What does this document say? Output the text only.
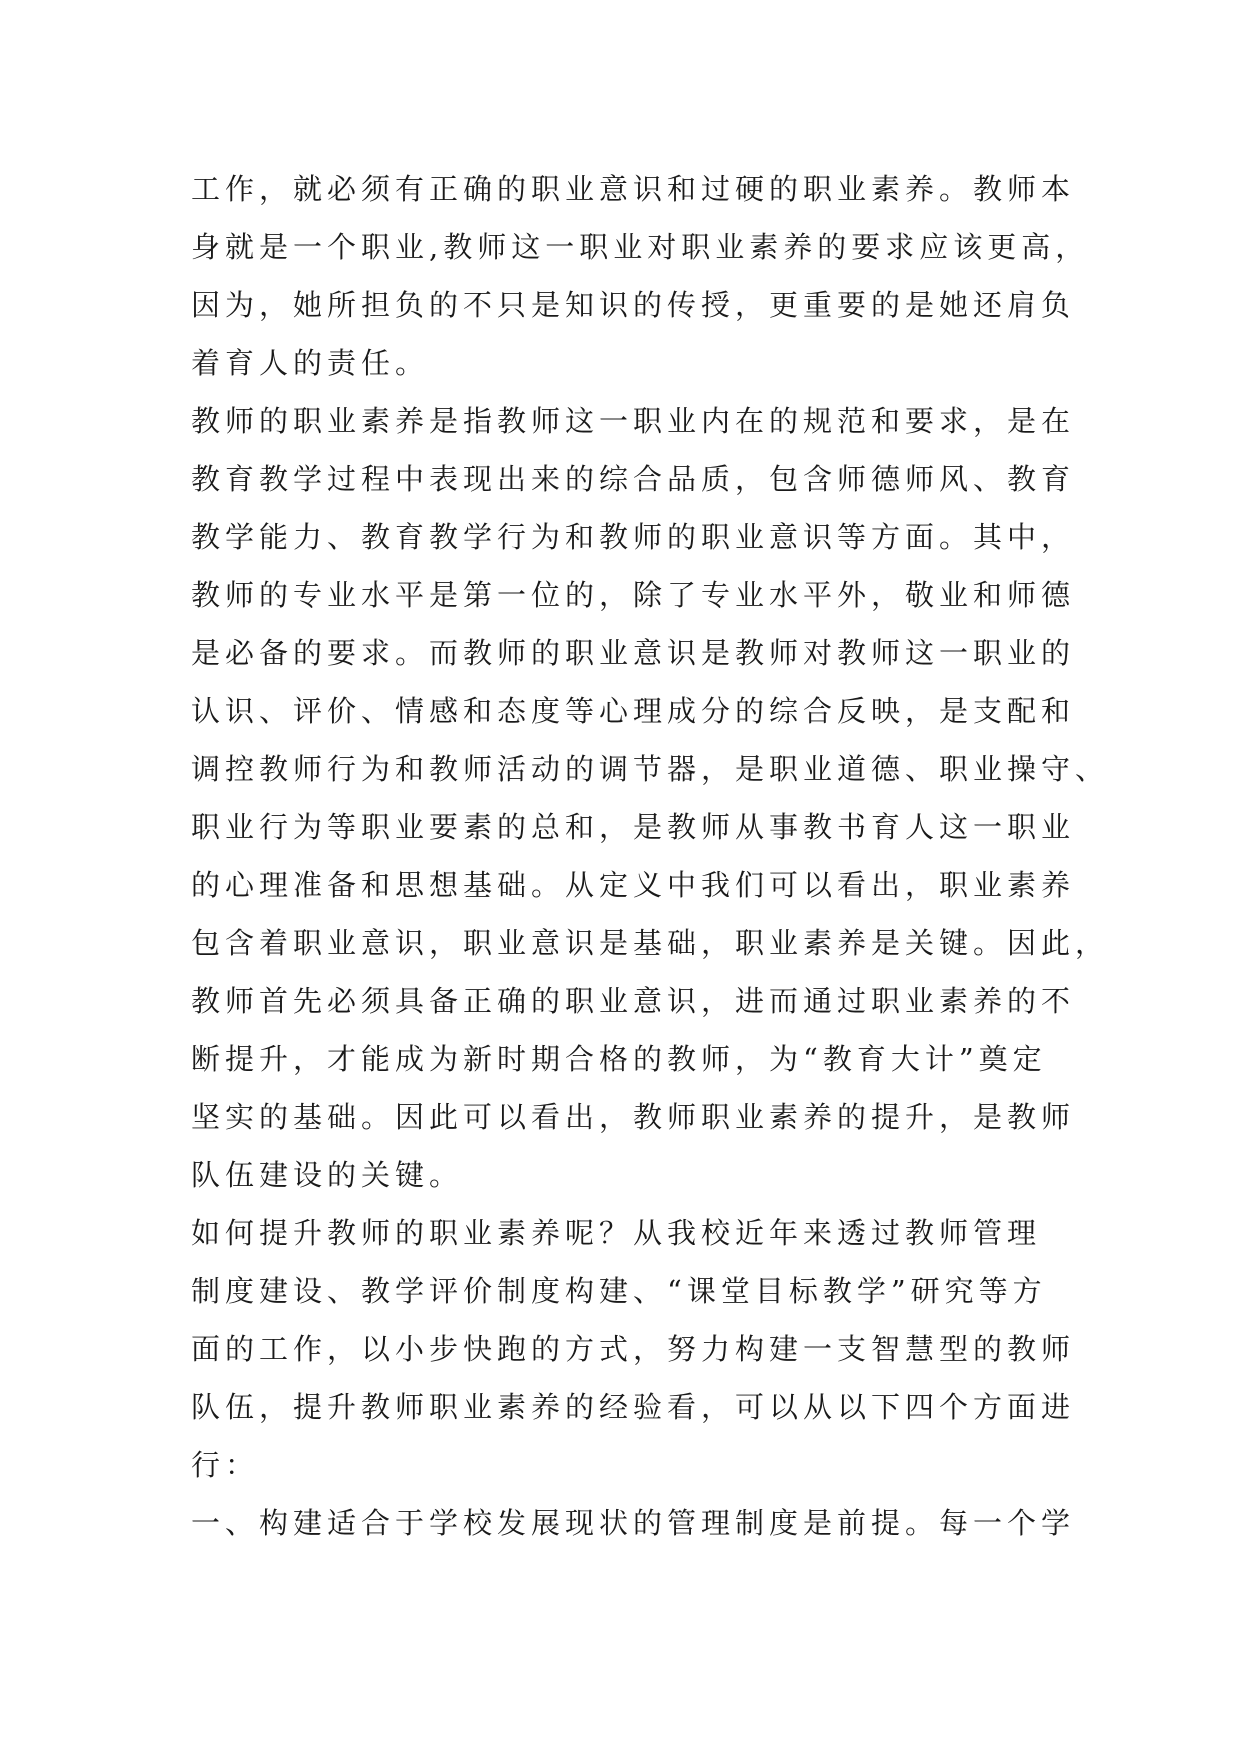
工作，就必须有正确的职业意识和过硬的职业素养。教师本
身就是一个职业,教师这一职业对职业素养的要求应该更高，
因为，她所担负的不只是知识的传授，更重要的是她还肩负
着育人的责任。
教师的职业素养是指教师这一职业内在的规范和要求，是在
教育教学过程中表现出来的综合品质，包含师德师风、教育
教学能力、教育教学行为和教师的职业意识等方面。其中，
教师的专业水平是第一位的，除了专业水平外，敬业和师德
是必备的要求。而教师的职业意识是教师对教师这一职业的
认识、评价、情感和态度等心理成分的综合反映，是支配和
调控教师行为和教师活动的调节器，是职业道德、职业操守、
职业行为等职业要素的总和，是教师从事教书育人这一职业
的心理准备和思想基础。从定义中我们可以看出，职业素养
包含着职业意识，职业意识是基础，职业素养是关键。因此，
教师首先必须具备正确的职业意识，进而通过职业素养的不
断提升，才能成为新时期合格的教师，为“教育大计”奠定
坚实的基础。因此可以看出，教师职业素养的提升，是教师
队伍建设的关键。
如何提升教师的职业素养呢？从我校近年来透过教师管理
制度建设、教学评价制度构建、“课堂目标教学”研究等方
面的工作，以小步快跑的方式，努力构建一支智慧型的教师
队伍，提升教师职业素养的经验看，可以从以下四个方面进
行：
一、构建适合于学校发展现状的管理制度是前提。每一个学
